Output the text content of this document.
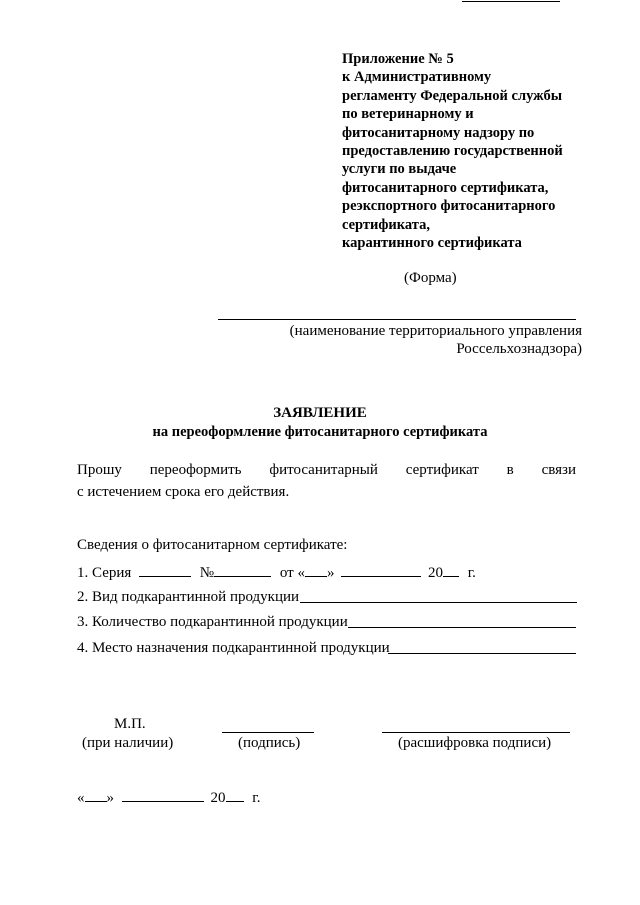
Приложение № 5
к Административному
регламенту Федеральной службы
по ветеринарному и
фитосанитарному надзору по
предоставлению государственной
услуги по выдаче
фитосанитарного сертификата,
реэкспортного фитосанитарного
сертификата,
карантинного сертификата
(Форма)
(наименование территориального управления
Россельхознадзора)
ЗАЯВЛЕНИЕ
на переоформление фитосанитарного сертификата
Прошу переоформить фитосанитарный сертификат в связи
с истечением срока его действия.
Сведения о фитосанитарном сертификате:
1. Серия	№	от « »	20 г.
2. Вид подкарантинной продукции
3. Количество подкарантинной продукции
4. Место назначения подкарантинной продукции
М.П.
(при наличии)	(подпись)	(расшифровка подписи)
« »	20 г.
